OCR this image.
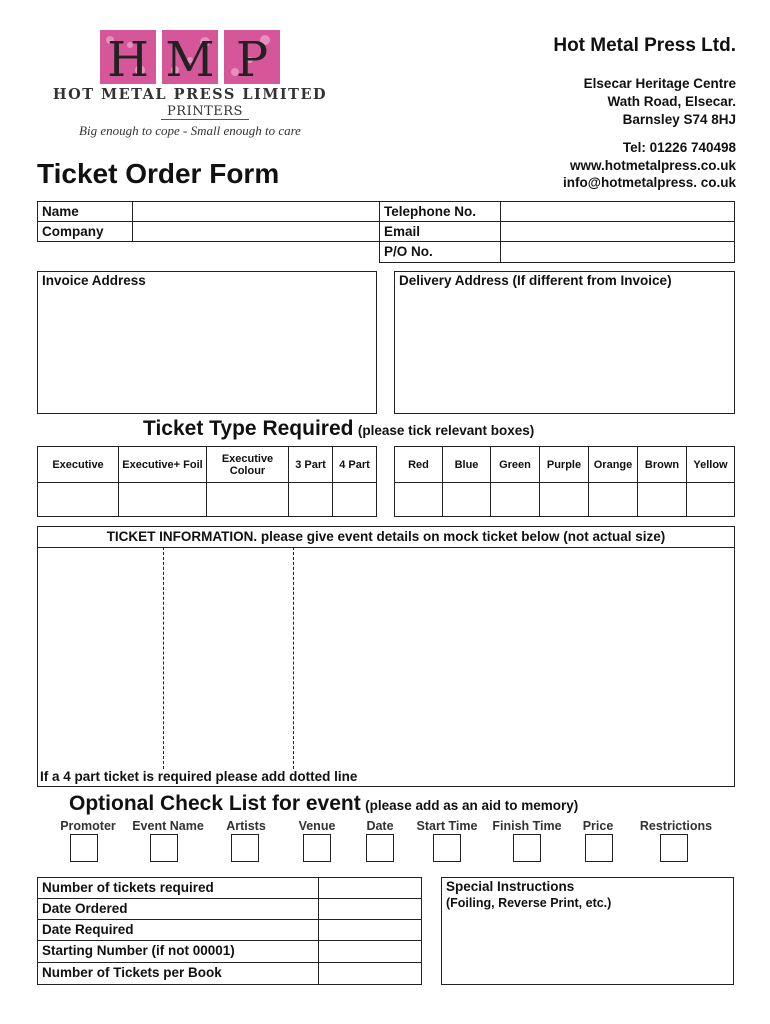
H M P
HOT METAL PRESS LIMITED
PRINTERS
Big enough to cope - Small enough to care
Hot Metal Press Ltd.
Elsecar Heritage Centre
Wath Road, Elsecar.
Barnsley S74 8HJ
Tel: 01226 740498
www.hotmetalpress.co.uk
info@hotmetalpress. co.uk
Ticket Order Form
Name	Telephone No.
Company	Email
P/O No.
Invoice Address	Delivery Address (If different from Invoice)
Ticket Type Required (please tick relevant boxes)
Executive	Executive+ Foil	Executive Colour	3 Part	4 Part	Red	Blue	Green	Purple	Orange	Brown	Yellow
TICKET INFORMATION. please give event details on mock ticket below (not actual size)
If a 4 part ticket is required please add dotted line
Optional Check List for event (please add as an aid to memory)
Promoter	Event Name	Artists	Venue	Date	Start Time	Finish Time	Price	Restrictions
Number of tickets required
Date Ordered
Date Required
Starting Number (if not 00001)
Number of Tickets per Book
Special Instructions
(Foiling, Reverse Print, etc.)
